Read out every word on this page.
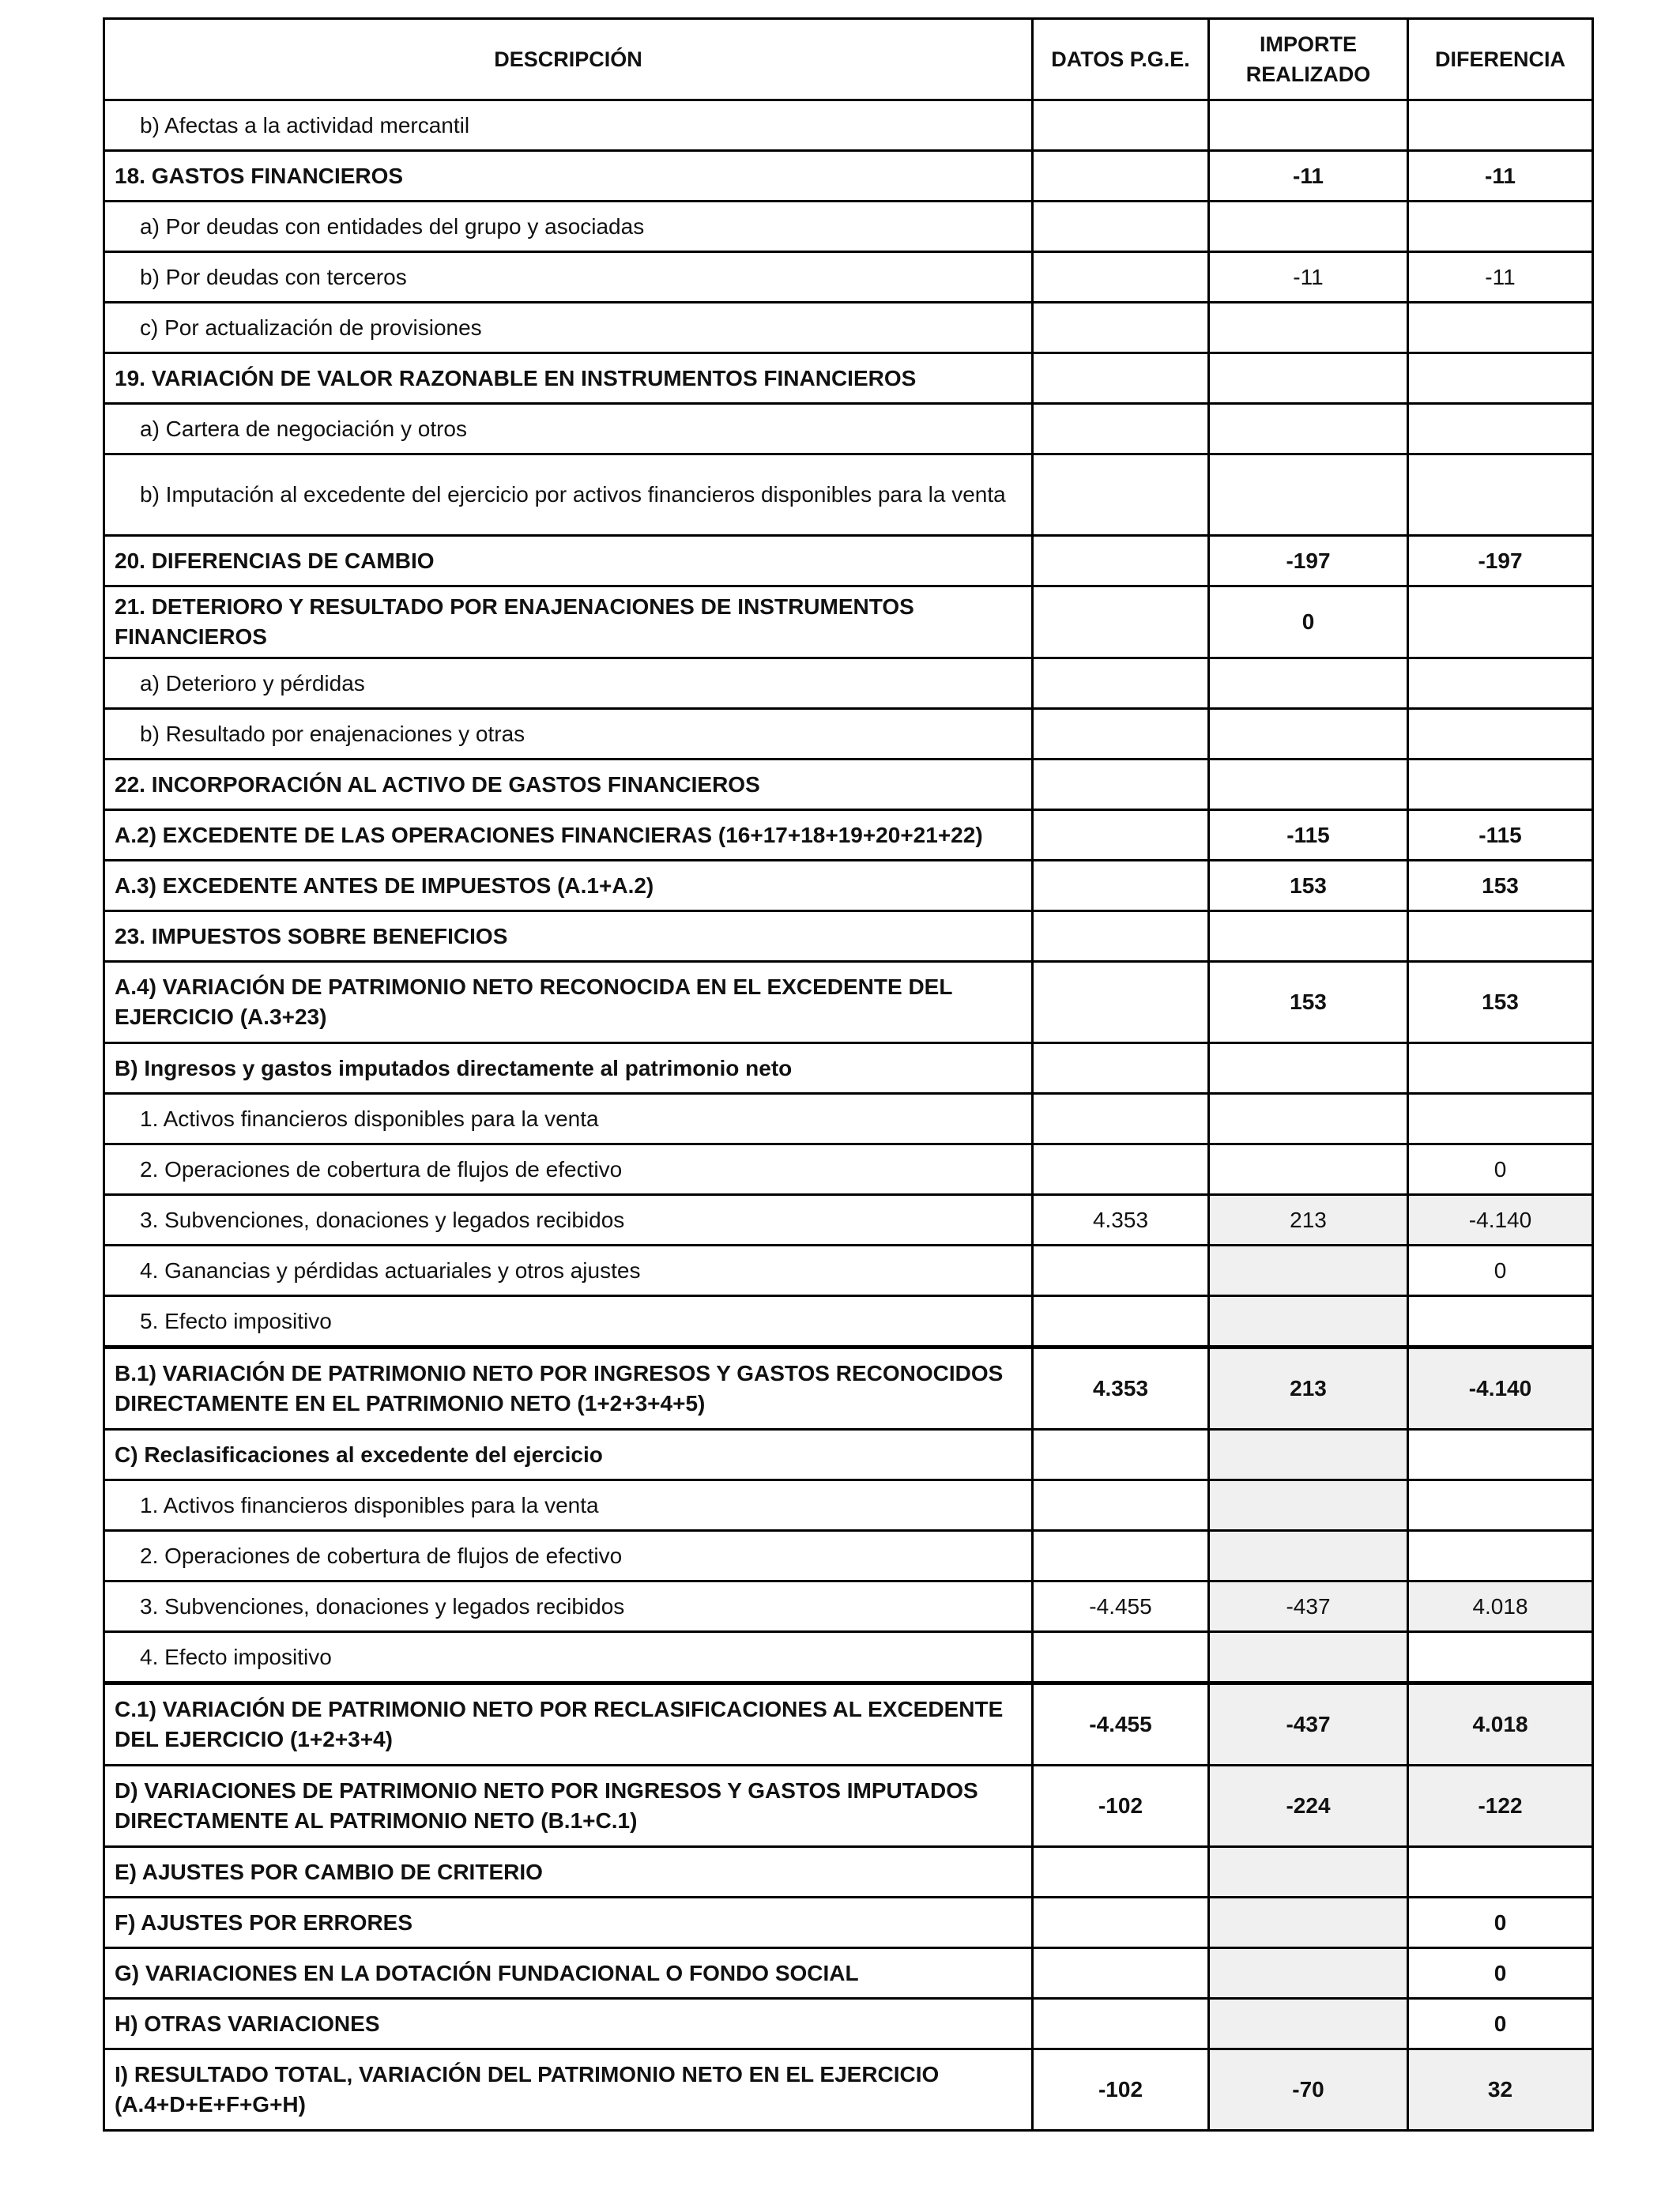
DESCRIPCIÓN	DATOS P.G.E.	IMPORTE REALIZADO	DIFERENCIA
b) Afectas a la actividad mercantil			
18. GASTOS FINANCIEROS		-11	-11
a) Por deudas con entidades del grupo y asociadas			
b) Por deudas con terceros		-11	-11
c) Por actualización de provisiones			
19. VARIACIÓN DE VALOR RAZONABLE EN INSTRUMENTOS FINANCIEROS			
a) Cartera de negociación y otros			
b) Imputación al excedente del ejercicio por activos financieros disponibles para la venta			
20. DIFERENCIAS DE CAMBIO		-197	-197
21. DETERIORO Y RESULTADO POR ENAJENACIONES DE INSTRUMENTOS FINANCIEROS		0	
a) Deterioro y pérdidas			
b) Resultado por enajenaciones y otras			
22. INCORPORACIÓN AL ACTIVO DE GASTOS FINANCIEROS			
A.2) EXCEDENTE DE LAS OPERACIONES FINANCIERAS (16+17+18+19+20+21+22)		-115	-115
A.3) EXCEDENTE ANTES DE IMPUESTOS (A.1+A.2)		153	153
23. IMPUESTOS SOBRE BENEFICIOS			
A.4) VARIACIÓN DE PATRIMONIO NETO RECONOCIDA EN EL EXCEDENTE DEL EJERCICIO (A.3+23)		153	153
B) Ingresos y gastos imputados directamente al patrimonio neto			
1. Activos financieros disponibles para la venta			
2. Operaciones de cobertura de flujos de efectivo			0
3. Subvenciones, donaciones y legados recibidos	4.353	213	-4.140
4. Ganancias y pérdidas actuariales y otros ajustes			0
5. Efecto impositivo			
B.1) VARIACIÓN DE PATRIMONIO NETO POR INGRESOS Y GASTOS RECONOCIDOS DIRECTAMENTE EN EL PATRIMONIO NETO (1+2+3+4+5)	4.353	213	-4.140
C) Reclasificaciones al excedente del ejercicio			
1. Activos financieros disponibles para la venta			
2. Operaciones de cobertura de flujos de efectivo			
3. Subvenciones, donaciones y legados recibidos	-4.455	-437	4.018
4. Efecto impositivo			
C.1) VARIACIÓN DE PATRIMONIO NETO POR RECLASIFICACIONES AL EXCEDENTE DEL EJERCICIO (1+2+3+4)	-4.455	-437	4.018
D) VARIACIONES DE PATRIMONIO NETO POR INGRESOS Y GASTOS IMPUTADOS DIRECTAMENTE AL PATRIMONIO NETO (B.1+C.1)	-102	-224	-122
E) AJUSTES POR CAMBIO DE CRITERIO			
F) AJUSTES POR ERRORES			0
G) VARIACIONES EN LA DOTACIÓN FUNDACIONAL O FONDO SOCIAL			0
H) OTRAS VARIACIONES			0
I) RESULTADO TOTAL, VARIACIÓN DEL PATRIMONIO NETO EN EL EJERCICIO (A.4+D+E+F+G+H)	-102	-70	32
